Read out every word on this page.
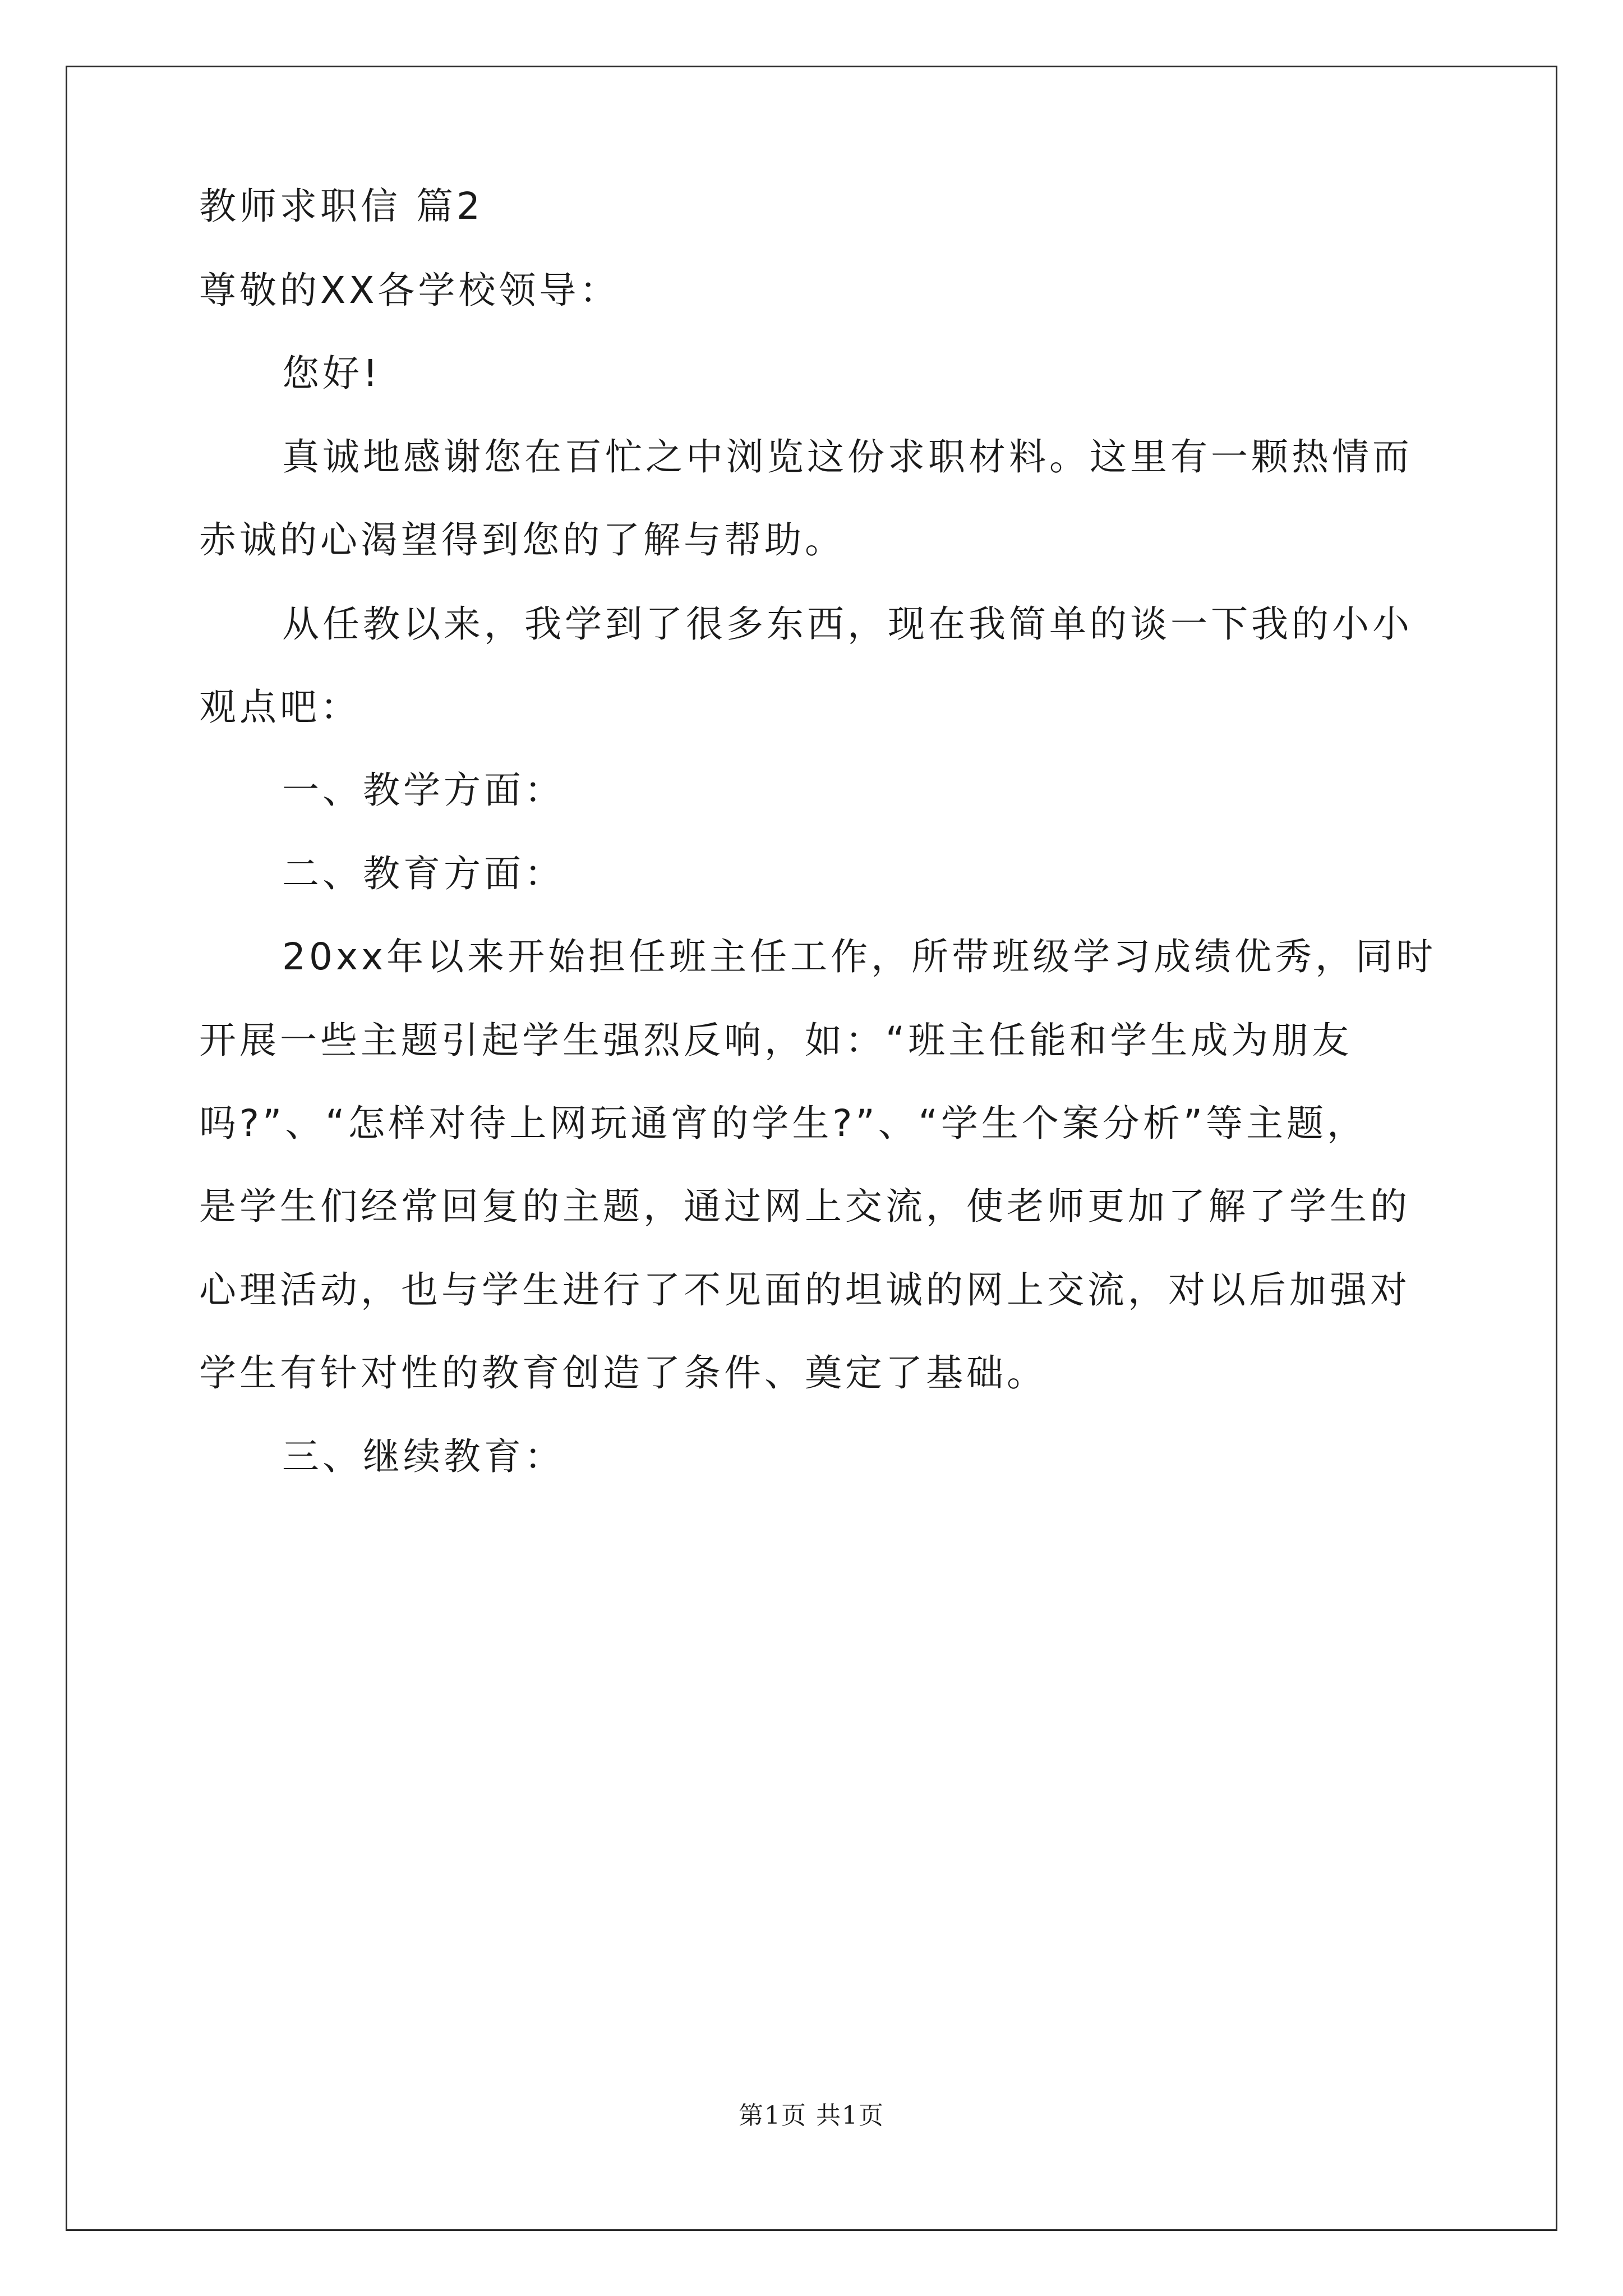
教师求职信 篇2
尊敬的XX各学校领导：
您好!
真诚地感谢您在百忙之中浏览这份求职材料。这里有一颗热情而
赤诚的心渴望得到您的了解与帮助。
从任教以来，我学到了很多东西，现在我简单的谈一下我的小小
观点吧：
一、教学方面：
二、教育方面：
20xx年以来开始担任班主任工作，所带班级学习成绩优秀，同时
开展一些主题引起学生强烈反响，如：“班主任能和学生成为朋友
吗?”、“怎样对待上网玩通宵的学生?”、“学生个案分析”等主题，
是学生们经常回复的主题，通过网上交流，使老师更加了解了学生的
心理活动，也与学生进行了不见面的坦诚的网上交流，对以后加强对
学生有针对性的教育创造了条件、奠定了基础。
三、继续教育：
第1页 共1页
